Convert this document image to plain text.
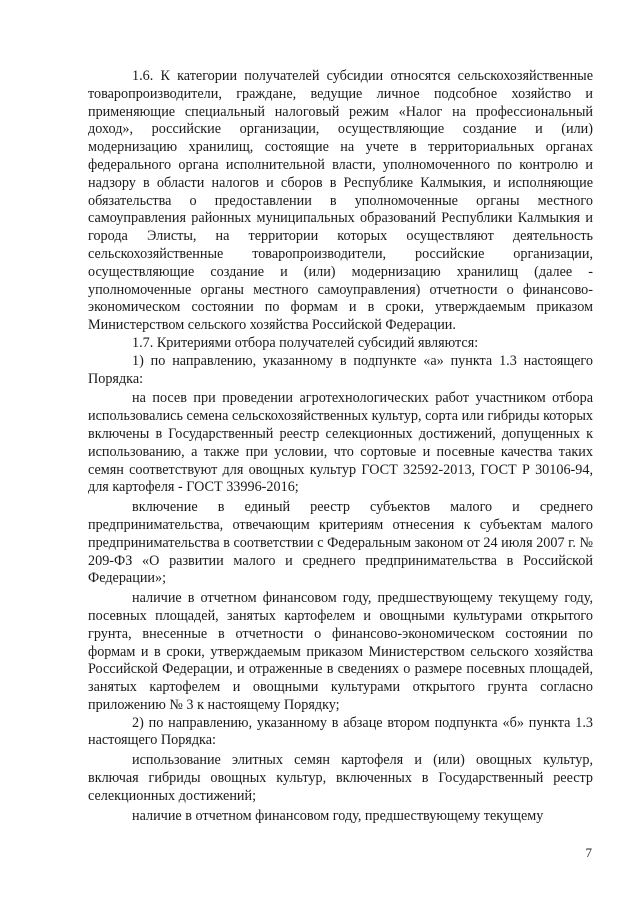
1.6. К категории получателей субсидии относятся сельскохозяйственные товаропроизводители, граждане, ведущие личное подсобное хозяйство и применяющие специальный налоговый режим «Налог на профессиональный доход», российские организации, осуществляющие создание и (или) модернизацию хранилищ, состоящие на учете в территориальных органах федерального органа исполнительной власти, уполномоченного по контролю и надзору в области налогов и сборов в Республике Калмыкия, и исполняющие обязательства о предоставлении в уполномоченные органы местного самоуправления районных муниципальных образований Республики Калмыкия и города Элисты, на территории которых осуществляют деятельность сельскохозяйственные товаропроизводители, российские организации, осуществляющие создание и (или) модернизацию хранилищ (далее - уполномоченные органы местного самоуправления) отчетности о финансово-экономическом состоянии по формам и в сроки, утверждаемым приказом Министерством сельского хозяйства Российской Федерации.

1.7. Критериями отбора получателей субсидий являются:

1) по направлению, указанному в подпункте «а» пункта 1.3 настоящего Порядка:

на посев при проведении агротехнологических работ участником отбора использовались семена сельскохозяйственных культур, сорта или гибриды которых включены в Государственный реестр селекционных достижений, допущенных к использованию, а также при условии, что сортовые и посевные качества таких семян соответствуют для овощных культур ГОСТ 32592-2013, ГОСТ Р 30106-94, для картофеля - ГОСТ 33996-2016;

включение в единый реестр субъектов малого и среднего предпринимательства, отвечающим критериям отнесения к субъектам малого предпринимательства в соответствии с Федеральным законом от 24 июля 2007 г. № 209-ФЗ «О развитии малого и среднего предпринимательства в Российской Федерации»;

наличие в отчетном финансовом году, предшествующему текущему году, посевных площадей, занятых картофелем и овощными культурами открытого грунта, внесенные в отчетности о финансово-экономическом состоянии по формам и в сроки, утверждаемым приказом Министерством сельского хозяйства Российской Федерации, и отраженные в сведениях о размере посевных площадей, занятых картофелем и овощными культурами открытого грунта согласно приложению № 3 к настоящему Порядку;

2) по направлению, указанному в абзаце втором подпункта «б» пункта 1.3 настоящего Порядка:

использование элитных семян картофеля и (или) овощных культур, включая гибриды овощных культур, включенных в Государственный реестр селекционных достижений;

наличие в отчетном финансовом году, предшествующему текущему

7
